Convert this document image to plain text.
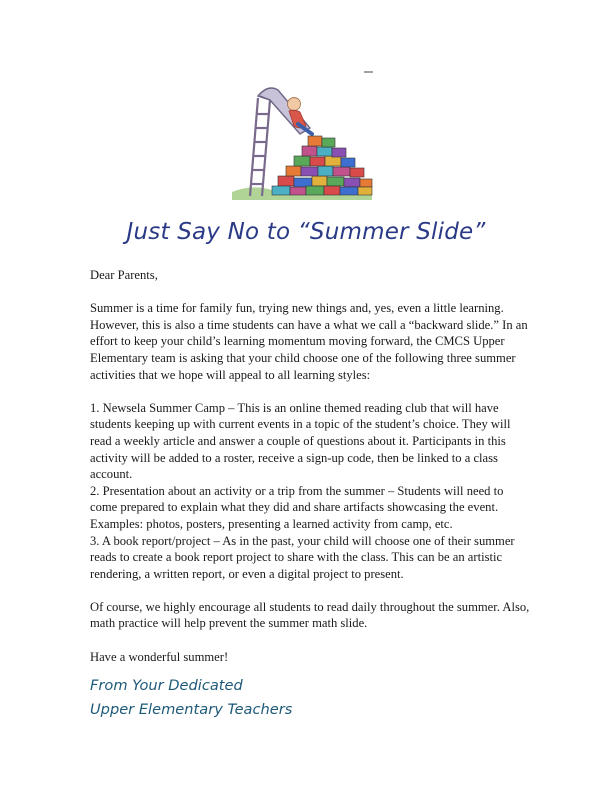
Just Say No to “Summer Slide”

Dear Parents,

Summer is a time for family fun, trying new things and, yes, even a little learning. However, this is also a time students can have a what we call a “backward slide.” In an effort to keep your child’s learning momentum moving forward, the CMCS Upper Elementary team is asking that your child choose one of the following three summer activities that we hope will appeal to all learning styles:

1. Newsela Summer Camp – This is an online themed reading club that will have students keeping up with current events in a topic of the student’s choice. They will read a weekly article and answer a couple of questions about it. Participants in this activity will be added to a roster, receive a sign-up code, then be linked to a class account.
2. Presentation about an activity or a trip from the summer – Students will need to come prepared to explain what they did and share artifacts showcasing the event. Examples: photos, posters, presenting a learned activity from camp, etc.
3. A book report/project – As in the past, your child will choose one of their summer reads to create a book report project to share with the class. This can be an artistic rendering, a written report, or even a digital project to present.

Of course, we highly encourage all students to read daily throughout the summer. Also, math practice will help prevent the summer math slide.

Have a wonderful summer!

From Your Dedicated
Upper Elementary Teachers
